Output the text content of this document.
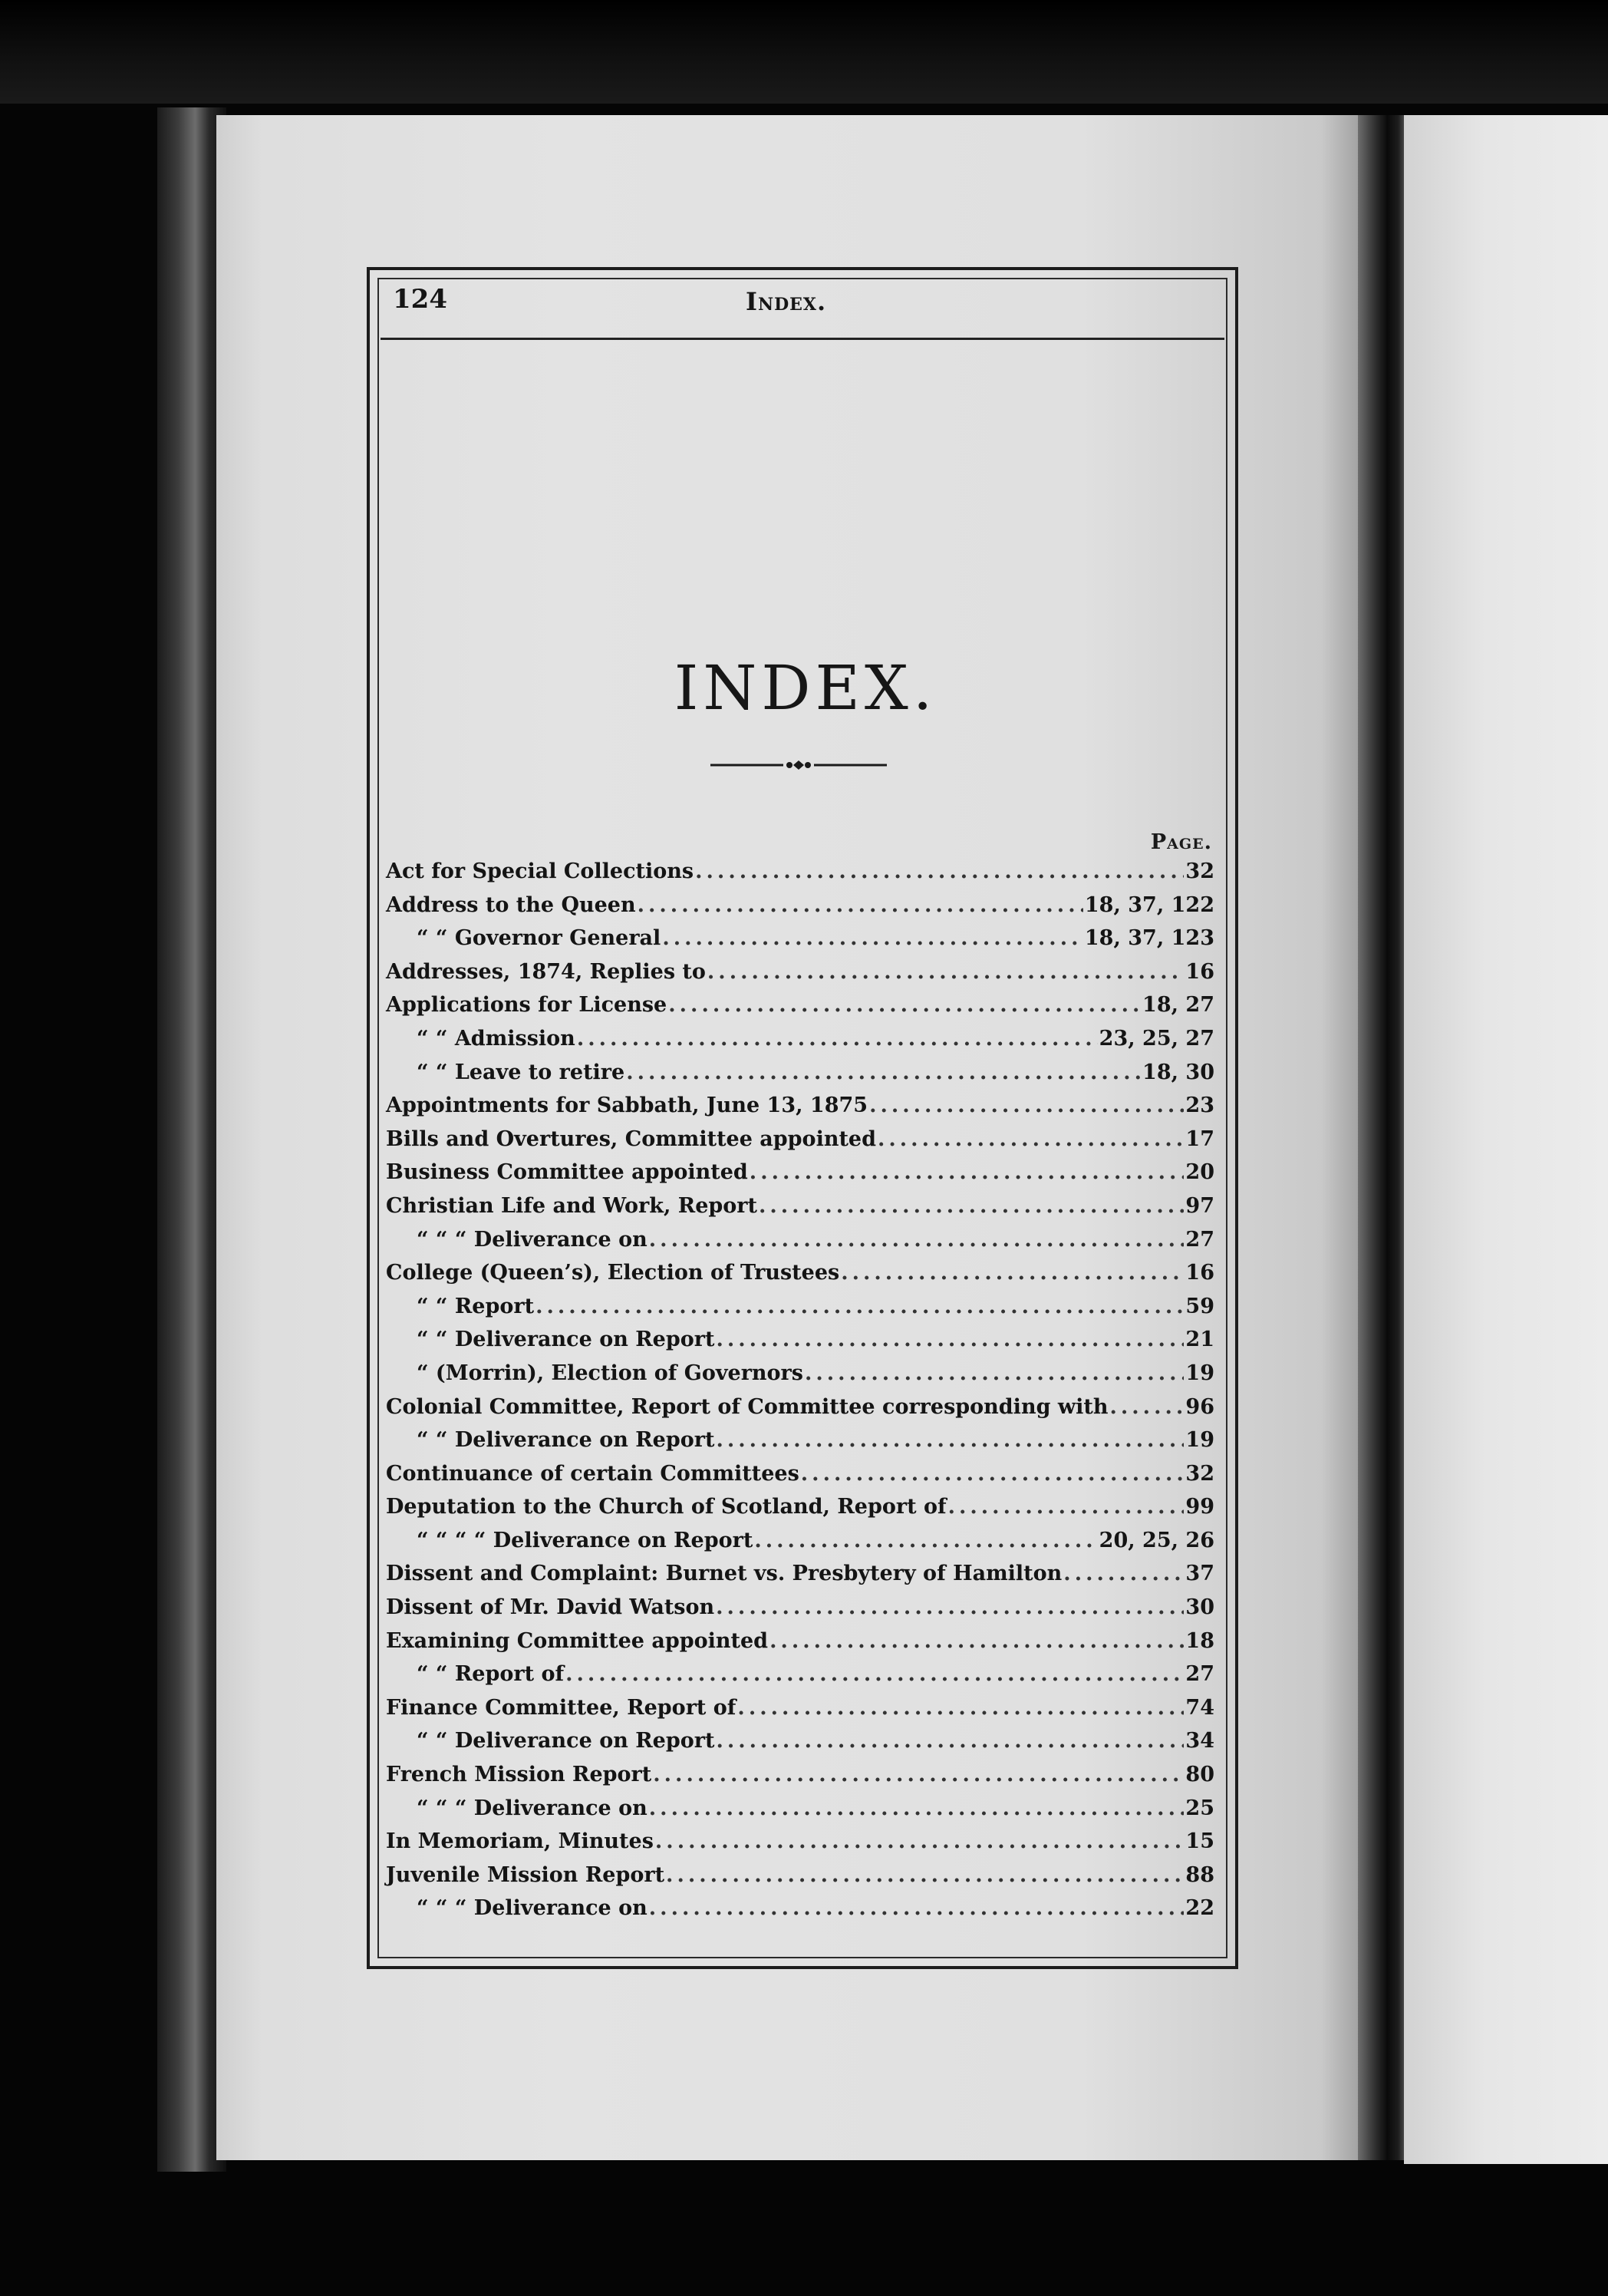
124	Index.
INDEX.
Page.
Act for Special Collections .....	32
Address to the Queen .....	18, 37, 122
“ “ Governor General .....	18, 37, 123
Addresses, 1874, Replies to .....	16
Applications for License .....	18, 27
“ “ Admission .....	23, 25, 27
“ “ Leave to retire .....	18, 30
Appointments for Sabbath, June 13, 1875 .....	23
Bills and Overtures, Committee appointed .....	17
Business Committee appointed .....	20
Christian Life and Work, Report .....	97
“ “ “ Deliverance on .....	27
College (Queen’s), Election of Trustees .....	16
“ “ Report .....	59
“ “ Deliverance on Report .....	21
“ (Morrin), Election of Governors .....	19
Colonial Committee, Report of Committee corresponding with .....	96
“ “ Deliverance on Report .....	19
Continuance of certain Committees .....	32
Deputation to the Church of Scotland, Report of .....	99
“ “ “ “ Deliverance on Report .....	20, 25, 26
Dissent and Complaint: Burnet vs. Presbytery of Hamilton .....	37
Dissent of Mr. David Watson .....	30
Examining Committee appointed .....	18
“ “ Report of .....	27
Finance Committee, Report of .....	74
“ “ Deliverance on Report .....	34
French Mission Report .....	80
“ “ “ Deliverance on .....	25
In Memoriam, Minutes .....	15
Juvenile Mission Report .....	88
“ “ “ Deliverance on .....	22
